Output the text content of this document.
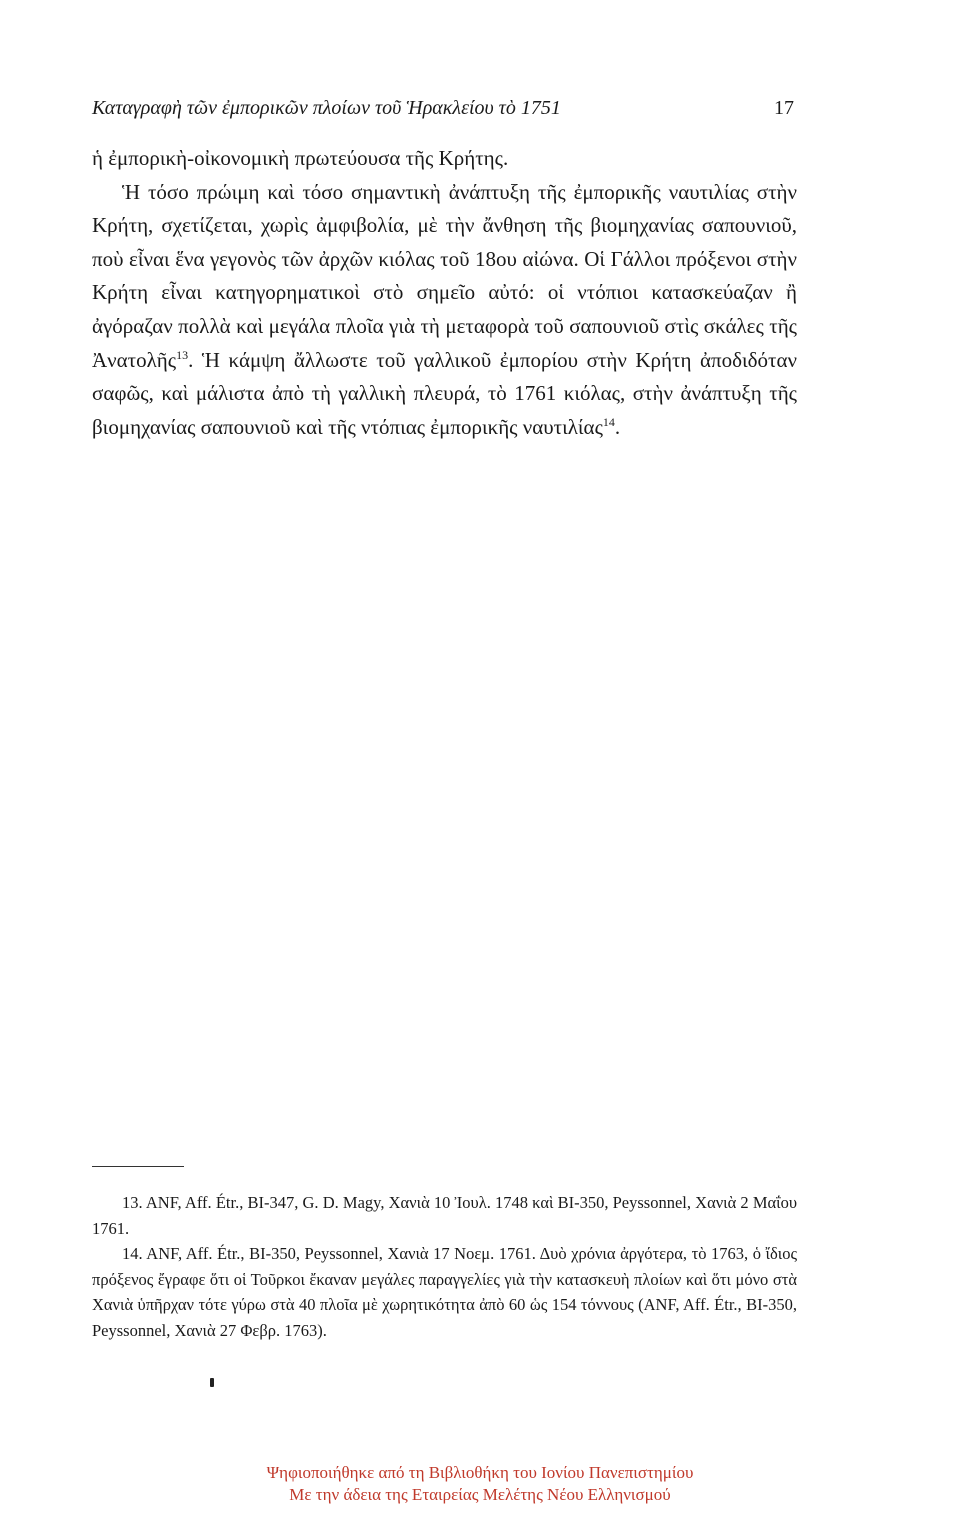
Καταγραφὴ τῶν ἐμπορικῶν πλοίων τοῦ Ἡρακλείου τὸ 1751	17

ἡ ἐμπορικὴ-οἰκονομικὴ πρωτεύουσα τῆς Κρήτης.

Ἡ τόσο πρώιμη καὶ τόσο σημαντικὴ ἀνάπτυξη τῆς ἐμπορικῆς ναυτιλίας στὴν Κρήτη, σχετίζεται, χωρὶς ἀμφιβολία, μὲ τὴν ἄνθηση τῆς βιομηχανίας σαπουνιοῦ, ποὺ εἶναι ἕνα γεγονὸς τῶν ἀρχῶν κιόλας τοῦ 18ου αἰώνα. Οἱ Γάλλοι πρόξενοι στὴν Κρήτη εἶναι κατηγορηματικοὶ στὸ σημεῖο αὐτό: οἱ ντόπιοι κατασκεύαζαν ἢ ἀγόραζαν πολλὰ καὶ μεγάλα πλοῖα γιὰ τὴ μεταφορὰ τοῦ σαπουνιοῦ στὶς σκάλες τῆς Ἀνατολῆς$^{13}$. Ἡ κάμψη ἄλλωστε τοῦ γαλλικοῦ ἐμπορίου στὴν Κρήτη ἀποδιδόταν σαφῶς, καὶ μάλιστα ἀπὸ τὴ γαλλικὴ πλευρά, τὸ 1761 κιόλας, στὴν ἀνάπτυξη τῆς βιομηχανίας σαπουνιοῦ καὶ τῆς ντόπιας ἐμπορικῆς ναυτιλίας$^{14}$.

13. ANF, Aff. Étr., BI-347, G. D. Magy, Χανιὰ 10 Ἰουλ. 1748 καὶ BI-350, Peyssonnel, Χανιὰ 2 Μαΐου 1761.

14. ANF, Aff. Étr., BI-350, Peyssonnel, Χανιὰ 17 Νοεμ. 1761. Δυὸ χρόνια ἀργότερα, τὸ 1763, ὁ ἴδιος πρόξενος ἔγραφε ὅτι οἱ Τοῦρκοι ἔκαναν μεγάλες παραγγελίες γιὰ τὴν κατασκευὴ πλοίων καὶ ὅτι μόνο στὰ Χανιὰ ὑπῆρχαν τότε γύρω στὰ 40 πλοῖα μὲ χωρητικότητα ἀπὸ 60 ὡς 154 τόννους (ANF, Aff. Étr., BI-350, Peyssonnel, Χανιὰ 27 Φεβρ. 1763).

Ψηφιοποιήθηκε από τη Βιβλιοθήκη του Ιονίου Πανεπιστημίου
Με την άδεια της Εταιρείας Μελέτης Νέου Ελληνισμού
